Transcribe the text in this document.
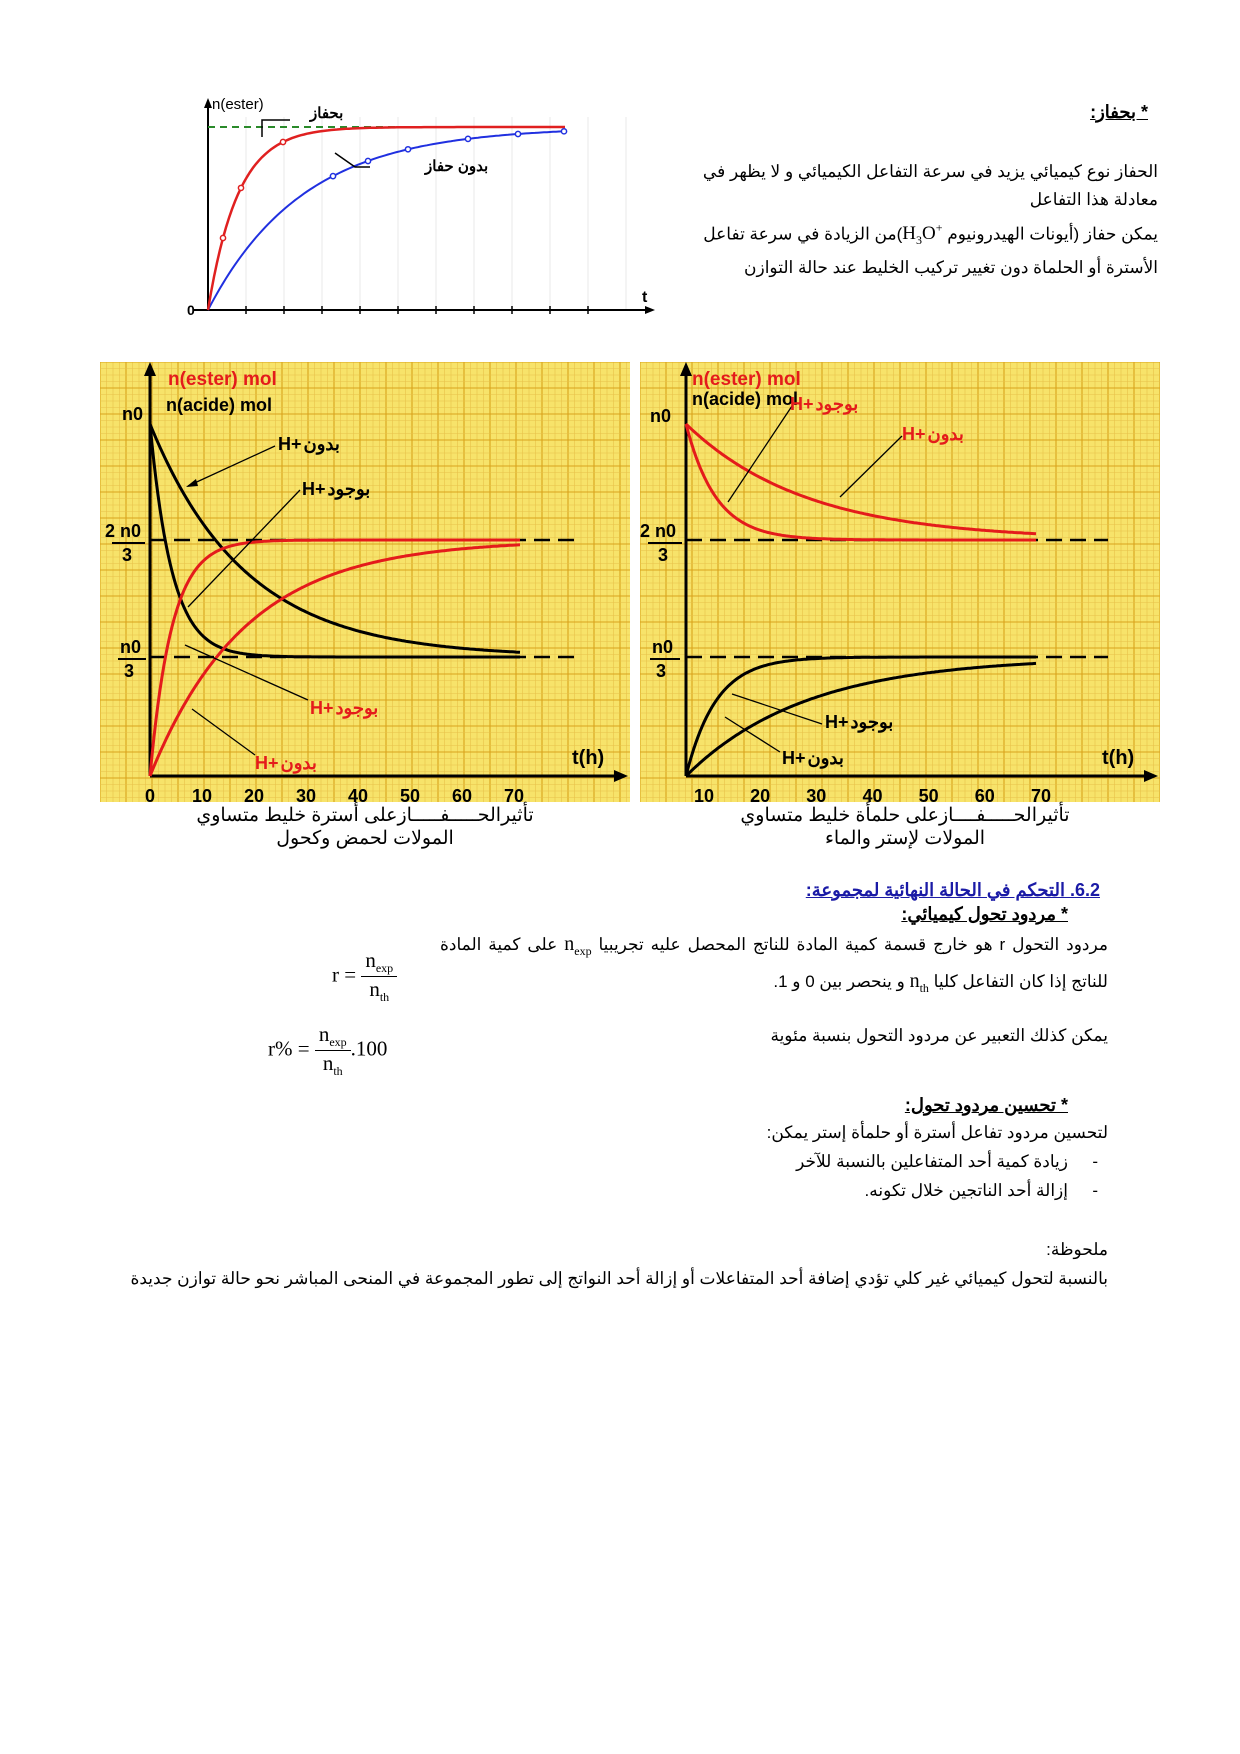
n(ester)
t
0
بحفاز
بدون حفاز
* بحفاز:
الحفاز نوع كيميائي يزيد في سرعة التفاعل الكيميائي و لا يظهر في معادلة هذا التفاعل
يمكن حفاز (أيونات الهيدرونيوم $H_3O^+)من$ الزيادة في سرعة تفاعل الأسترة أو الحلماة دون تغيير تركيب الخليط عند حالة التوازن
n(ester) mol
n(acide) mol
n0
2 n0
3
n0
3
0 10 20 30 40 50 60 70
t(h)
H+ بدون
H+ بوجود
H+ بوجود
H+ بدون
تأثيرالحـــــفـــــازعلى أسترة خليط متساوي
المولات لحمض وكحول
n(ester) mol
n(acide) mol
n0
2 n0
3
n0
3
10 20 30 40 50 60 70
t(h)
H+ بوجود
H+ بدون
H+ بوجود
H+ بدون
تأثيرالحـــــفــــازعلى حلمأة خليط متساوي
المولات لإستر والماء
6.2. التحكم في الحالة النهائية لمجموعة:
* مردود تحول كيميائي:
مردود التحول r هو خارج قسمة كمية المادة للناتج المحصل عليه تجريبيا $n_{exp}$ على كمية المادة للناتج إذا كان التفاعل كليا $n_{th}$ و ينحصر بين 0 و 1.
يمكن كذلك التعبير عن مردود التحول بنسبة مئوية
$r = \frac{n_{exp}}{n_{th}}$
$r\% = \frac{n_{exp}}{n_{th}} .100$
* تحسين مردود تحول:
لتحسين مردود تفاعل أسترة أو حلمأة إستر يمكن:
- زيادة كمية أحد المتفاعلين بالنسبة للآخر
- إزالة أحد الناتجين خلال تكونه.
ملحوظة:
بالنسبة لتحول كيميائي غير كلي تؤدي إضافة أحد المتفاعلات أو إزالة أحد النواتج إلى تطور المجموعة في المنحى المباشر نحو حالة توازن جديدة
